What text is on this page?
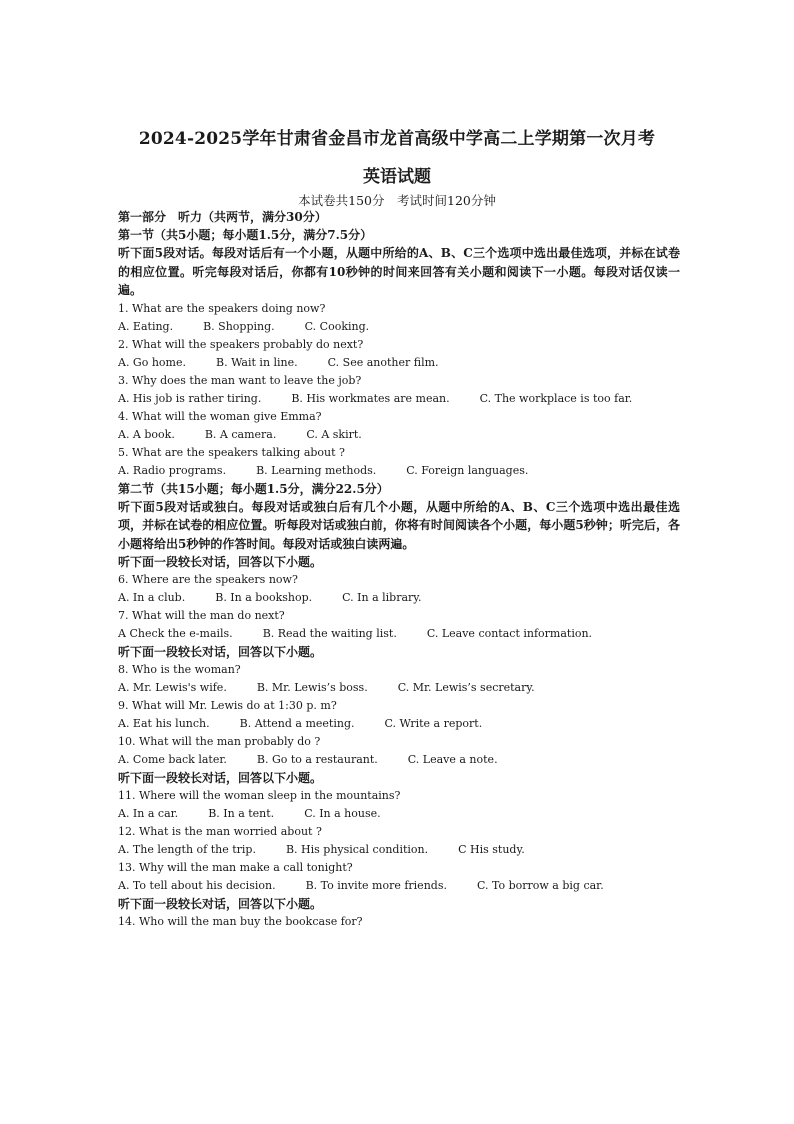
2024-2025学年甘肃省金昌市龙首高级中学高二上学期第一次月考
英语试题
本试卷共150分　考试时间120分钟
第一部分　听力（共两节，满分30分）
第一节（共5小题；每小题1.5分，满分7.5分）
听下面5段对话。每段对话后有一个小题，从题中所给的A、B、C三个选项中选出最佳选项，并标在试卷的相应位置。听完每段对话后，你都有10秒钟的时间来回答有关小题和阅读下一小题。每段对话仅读一遍。
1. What are the speakers doing now?
A. Eating.	B. Shopping.	C. Cooking.
2. What will the speakers probably do next?
A. Go home.	B. Wait in line.	C. See another film.
3. Why does the man want to leave the job?
A. His job is rather tiring.	B. His workmates are mean.	C. The workplace is too far.
4. What will the woman give Emma?
A. A book.	B. A camera.	C. A skirt.
5. What are the speakers talking about ?
A. Radio programs.	B. Learning methods.	C. Foreign languages.
第二节（共15小题；每小题1.5分，满分22.5分）
听下面5段对话或独白。每段对话或独白后有几个小题，从题中所给的A、B、C三个选项中选出最佳选项，并标在试卷的相应位置。听每段对话或独白前，你将有时间阅读各个小题，每小题5秒钟；听完后，各小题将给出5秒钟的作答时间。每段对话或独白读两遍。
听下面一段较长对话，回答以下小题。
6. Where are the speakers now?
A. In a club.	B. In a bookshop.	C. In a library.
7. What will the man do next?
A Check the e-mails.	B. Read the waiting list.	C. Leave contact information.
听下面一段较长对话，回答以下小题。
8. Who is the woman?
A. Mr. Lewis's wife.	B. Mr. Lewis’s boss.	C. Mr. Lewis’s secretary.
9. What will Mr. Lewis do at 1:30 p. m?
A. Eat his lunch.	B. Attend a meeting.	C. Write a report.
10. What will the man probably do ?
A. Come back later.	B. Go to a restaurant.	C. Leave a note.
听下面一段较长对话，回答以下小题。
11. Where will the woman sleep in the mountains?
A. In a car.	B. In a tent.	C. In a house.
12. What is the man worried about ?
A. The length of the trip.	B. His physical condition.	C His study.
13. Why will the man make a call tonight?
A. To tell about his decision.	B. To invite more friends.	C. To borrow a big car.
听下面一段较长对话，回答以下小题。
14. Who will the man buy the bookcase for?
